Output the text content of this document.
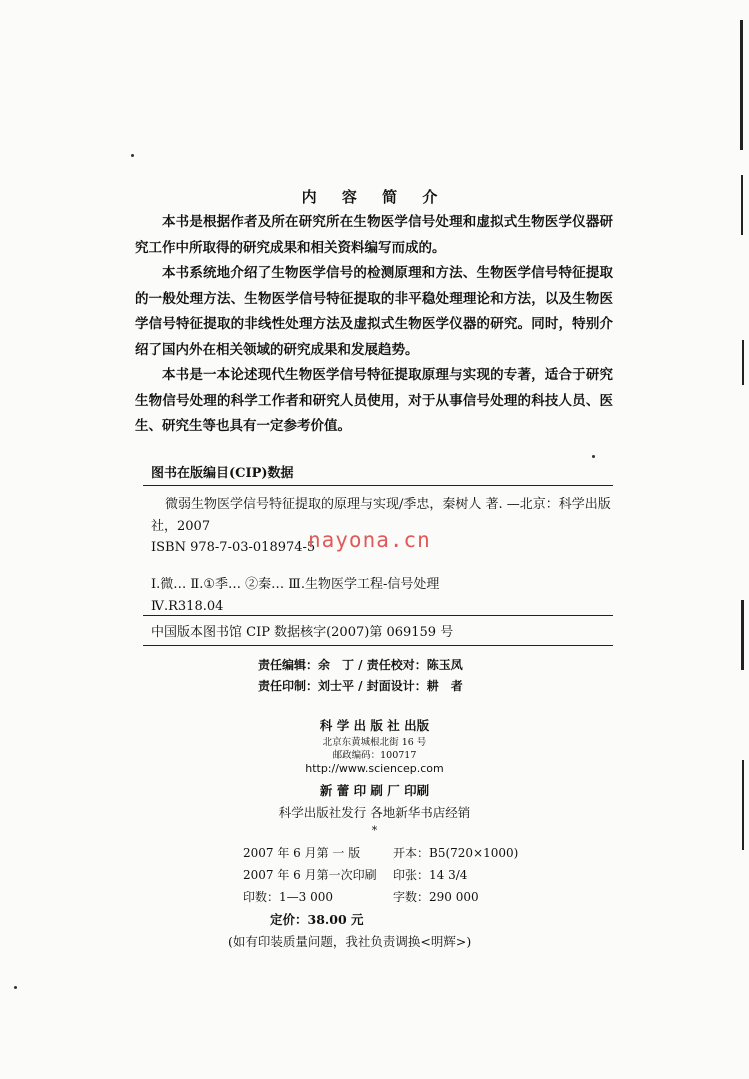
内 容 简 介

本书是根据作者及所在研究所在生物医学信号处理和虚拟式生物医学仪器研究工作中所取得的研究成果和相关资料编写而成的。

本书系统地介绍了生物医学信号的检测原理和方法、生物医学信号特征提取的一般处理方法、生物医学信号特征提取的非平稳处理理论和方法，以及生物医学信号特征提取的非线性处理方法及虚拟式生物医学仪器的研究。同时，特别介绍了国内外在相关领域的研究成果和发展趋势。

本书是一本论述现代生物医学信号特征提取原理与实现的专著，适合于研究生物信号处理的科学工作者和研究人员使用，对于从事信号处理的科技人员、医生、研究生等也具有一定参考价值。

图书在版编目(CIP)数据
微弱生物医学信号特征提取的原理与实现/季忠，秦树人 著. —北京：科学出版社，2007
ISBN 978-7-03-018974-5
nayona.cn
Ⅰ.微… Ⅱ.①季… ②秦… Ⅲ.生物医学工程-信号处理
Ⅳ.R318.04
中国版本图书馆 CIP 数据核字(2007)第 069159 号
责任编辑：余　丁 / 责任校对：陈玉凤
责任印制：刘士平 / 封面设计：耕　者
科 学 出 版 社 出版
北京东黄城根北街 16 号
邮政编码：100717
http://www.sciencep.com
新 蕾 印 刷 厂 印刷
科学出版社发行 各地新华书店经销
*
2007 年 6 月第 一 版	开本：B5(720×1000)
2007 年 6 月第一次印刷 印张：14 3/4
印数：1—3 000	字数：290 000
定价：38.00 元
(如有印装质量问题，我社负责调换<明辉>)
